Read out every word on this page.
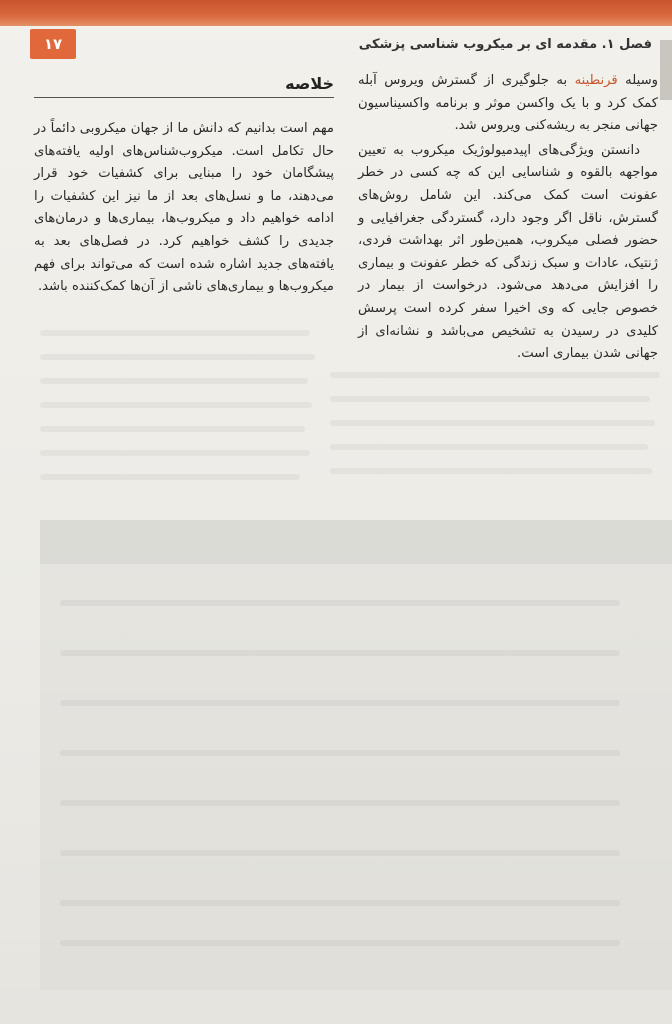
۱۷	فصل ۱. مقدمه ای بر میکروب شناسی پزشکی

وسیله قرنطینه به جلوگیری از گسترش ویروس آبله کمک کرد و با یک واکسن موثر و برنامه واکسیناسیون جهانی منجر به ریشه‌کنی ویروس شد.

دانستن ویژگی‌های اپیدمیولوژیک میکروب به تعیین مواجهه بالقوه و شناسایی این که چه کسی در خطر عفونت است کمک می‌کند. این شامل روش‌های گسترش، ناقل اگر وجود دارد، گستردگی جغرافیایی و حضور فصلی میکروب، همین‌طور اثر بهداشت فردی، ژنتیک، عادات و سبک زندگی که خطر عفونت و بیماری را افزایش می‌دهد می‌شود. درخواست از بیمار در خصوص جایی که وی اخیرا سفر کرده است پرسش کلیدی در رسیدن به تشخیص می‌باشد و نشانه‌ای از جهانی شدن بیماری است.

خلاصه

مهم است بدانیم که دانش ما از جهان میکروبی دائماً در حال تکامل است. میکروب‌شناس‌های اولیه یافته‌های پیشگامان خود را مبنایی برای کشفیات خود قرار می‌دهند، ما و نسل‌های بعد از ما نیز این کشفیات را ادامه خواهیم داد و میکروب‌ها، بیماری‌ها و درمان‌های جدیدی را کشف خواهیم کرد. در فصل‌های بعد به یافته‌های جدید اشاره شده است که می‌تواند برای فهم میکروب‌ها و بیماری‌های ناشی از آن‌ها کمک‌کننده باشد.
